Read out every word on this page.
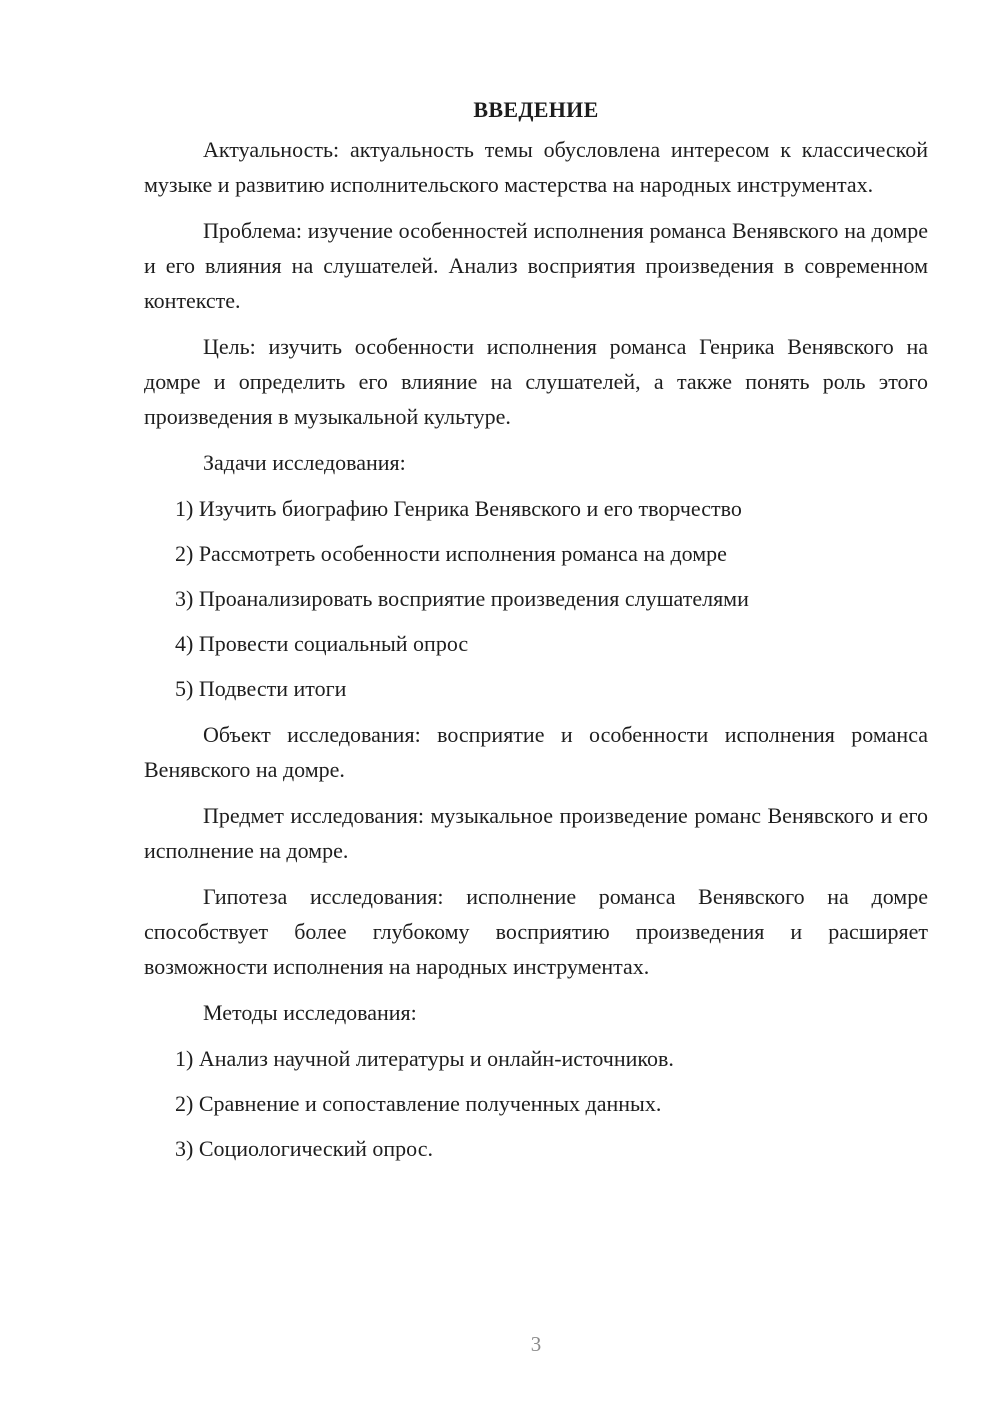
ВВЕДЕНИЕ

Актуальность: актуальность темы обусловлена интересом к классической музыке и развитию исполнительского мастерства на народных инструментах.

Проблема: изучение особенностей исполнения романса Венявского на домре и его влияния на слушателей. Анализ восприятия произведения в современном контексте.

Цель: изучить особенности исполнения романса Генрика Венявского на домре и определить его влияние на слушателей, а также понять роль этого произведения в музыкальной культуре.

Задачи исследования:

1) Изучить биографию Генрика Венявского и его творчество
2) Рассмотреть особенности исполнения романса на домре
3) Проанализировать восприятие произведения слушателями
4) Провести социальный опрос
5) Подвести итоги

Объект исследования: восприятие и особенности исполнения романса Венявского на домре.

Предмет исследования: музыкальное произведение романс Венявского и его исполнение на домре.

Гипотеза исследования: исполнение романса Венявского на домре способствует более глубокому восприятию произведения и расширяет возможности исполнения на народных инструментах.

Методы исследования:

1) Анализ научной литературы и онлайн-источников.
2) Сравнение и сопоставление полученных данных.
3) Социологический опрос.
3
